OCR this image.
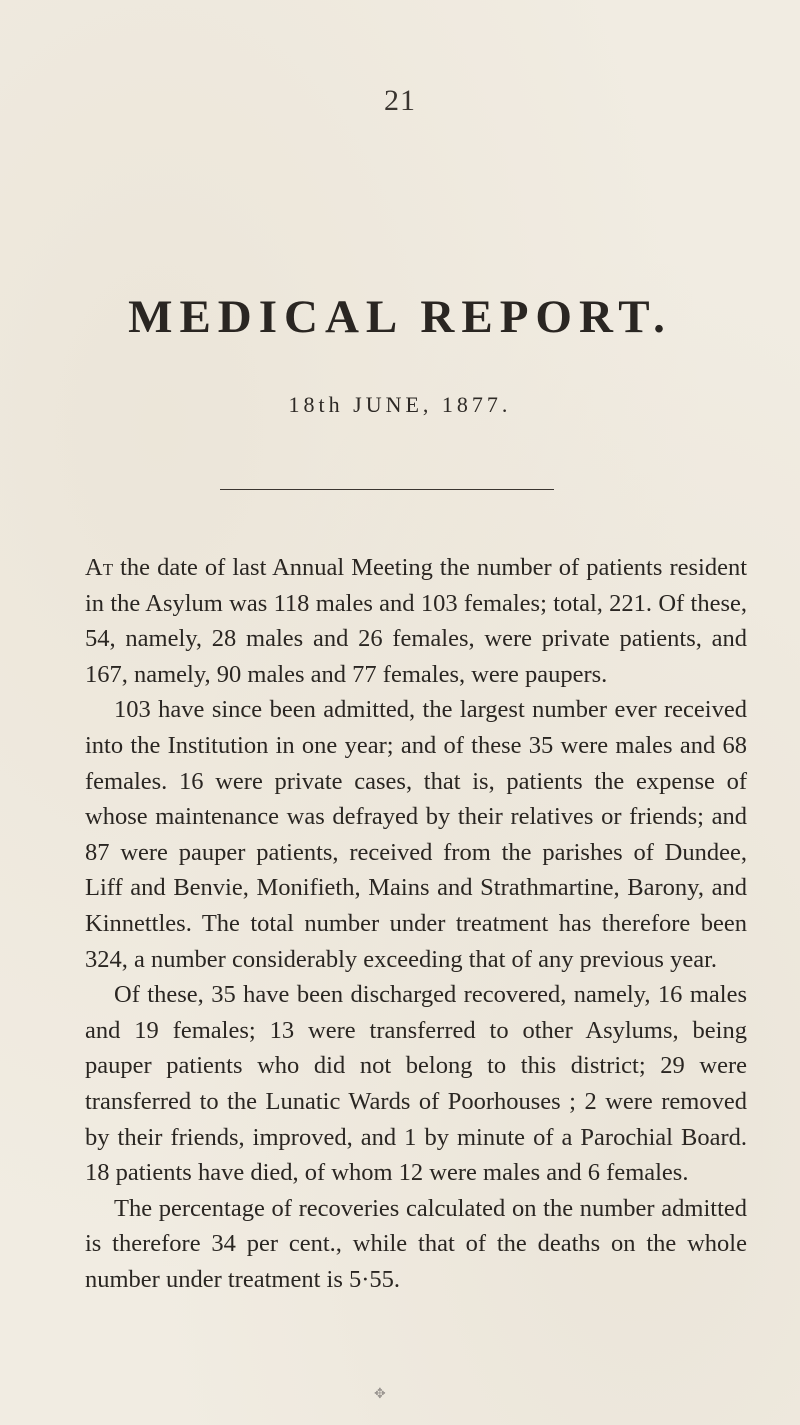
21
MEDICAL REPORT.
18th JUNE, 1877.

At the date of last Annual Meeting the number of patients resident in the Asylum was 118 males and 103 females; total, 221. Of these, 54, namely, 28 males and 26 females, were private patients, and 167, namely, 90 males and 77 females, were paupers.

103 have since been admitted, the largest number ever received into the Institution in one year; and of these 35 were males and 68 females. 16 were private cases, that is, patients the expense of whose maintenance was defrayed by their relatives or friends; and 87 were pauper patients, received from the parishes of Dundee, Liff and Benvie, Monifieth, Mains and Strathmartine, Barony, and Kinnettles. The total number under treatment has therefore been 324, a number considerably exceeding that of any previous year.

Of these, 35 have been discharged recovered, namely, 16 males and 19 females; 13 were transferred to other Asylums, being pauper patients who did not belong to this district; 29 were transferred to the Lunatic Wards of Poorhouses ; 2 were removed by their friends, improved, and 1 by minute of a Parochial Board. 18 patients have died, of whom 12 were males and 6 females.

The percentage of recoveries calculated on the number admitted is therefore 34 per cent., while that of the deaths on the whole number under treatment is 5·55.

✥
